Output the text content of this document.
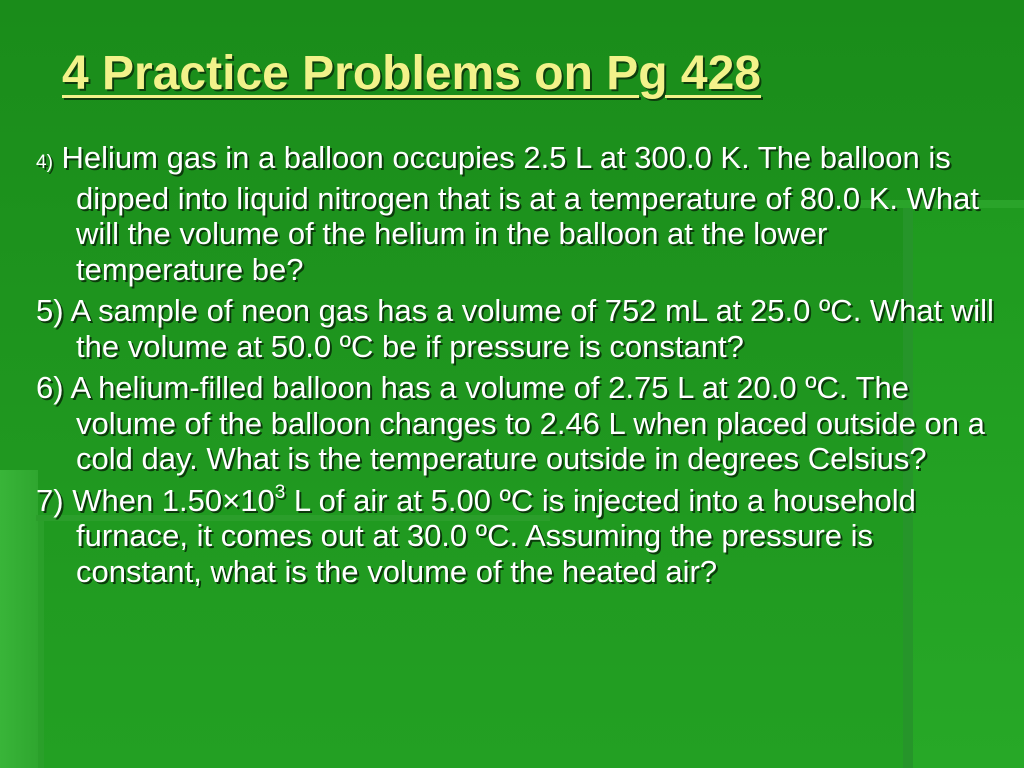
4 Practice Problems on Pg 428
4) Helium gas in a balloon occupies 2.5 L at 300.0 K. The balloon is dipped into liquid nitrogen that is at a temperature of 80.0 K. What will the volume of the helium in the balloon at the lower temperature be?
5) A sample of neon gas has a volume of 752 mL at 25.0 ºC. What will the volume at 50.0 ºC be if pressure is constant?
6) A helium-filled balloon has a volume of 2.75 L at 20.0 ºC. The volume of the balloon changes to 2.46 L when placed outside on a cold day. What is the temperature outside in degrees Celsius?
7) When $1.50\times 10^3$ L of air at 5.00 ºC is injected into a household furnace, it comes out at 30.0 ºC. Assuming the pressure is constant, what is the volume of the heated air?
